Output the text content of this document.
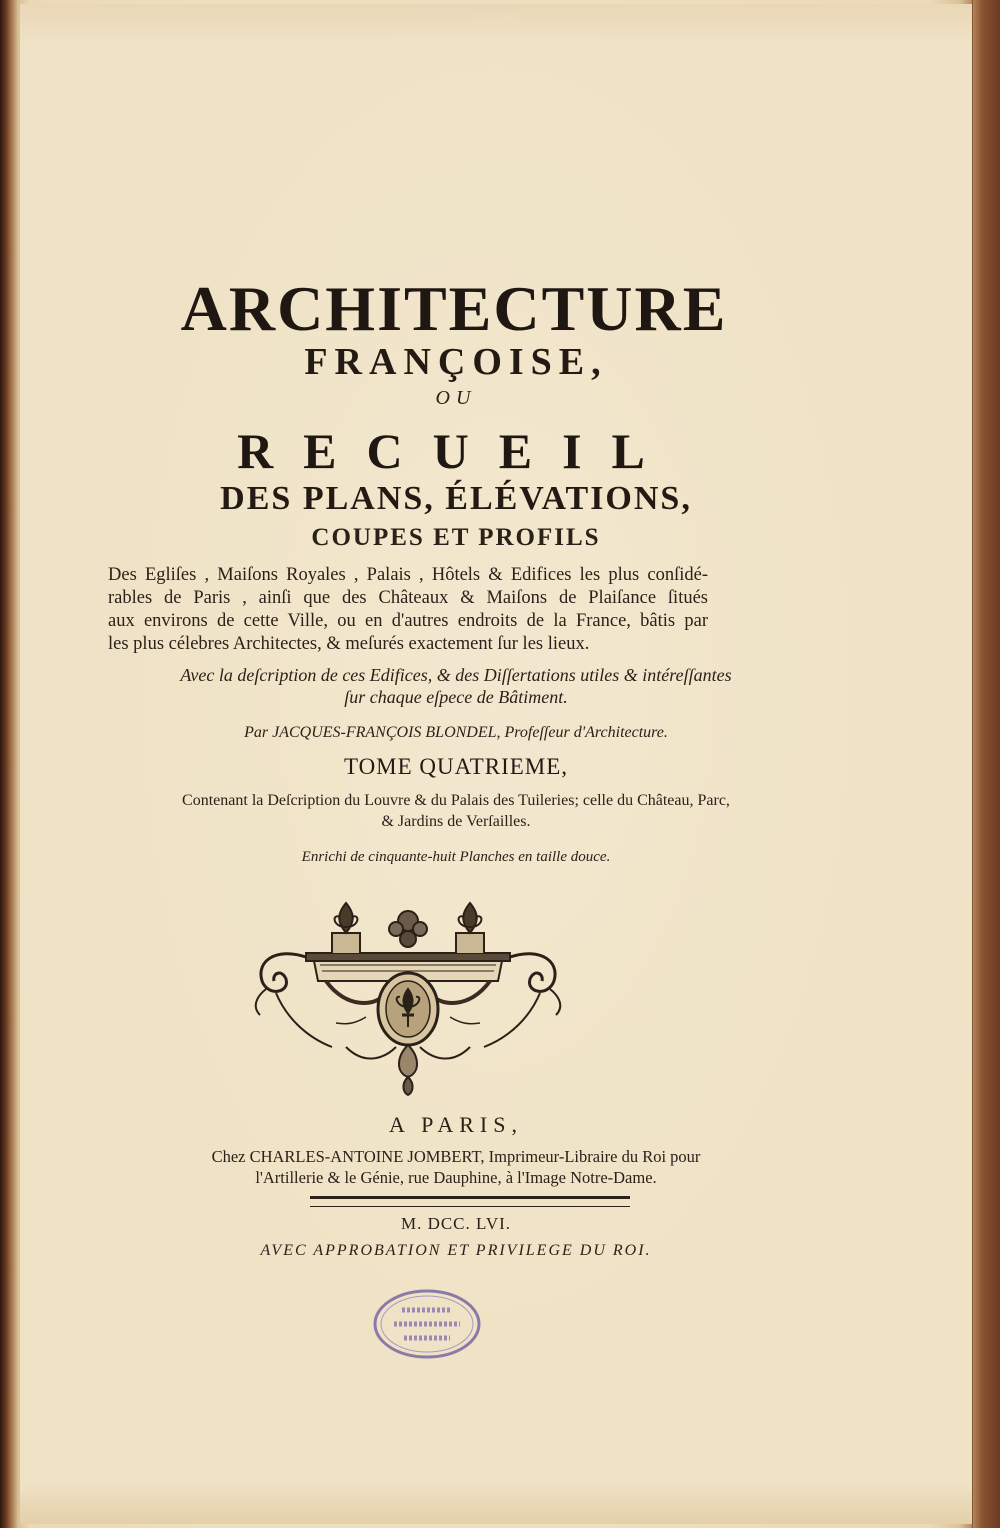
ARCHITECTURE
FRANÇOISE,
OU
RECUEIL
DES PLANS, ÉLÉVATIONS,
COUPES ET PROFILS
Des Egliſes , Maiſons Royales , Palais , Hôtels & Edifices les plus conſidé-
rables de Paris , ainſi que des Châteaux & Maiſons de Plaiſance ſitués
aux environs de cette Ville, ou en d'autres endroits de la France, bâtis par
les plus célebres Architectes, & meſurés exactement ſur les lieux.
Avec la deſcription de ces Edifices, & des Diſſertations utiles & intéreſſantes
ſur chaque eſpece de Bâtiment.
Par JACQUES-FRANÇOIS BLONDEL, Profeſſeur d'Architecture.
TOME QUATRIEME,
Contenant la Deſcription du Louvre & du Palais des Tuileries; celle du Château, Parc,
& Jardins de Verſailles.
Enrichi de cinquante-huit Planches en taille douce.
A PARIS,
Chez CHARLES-ANTOINE JOMBERT, Imprimeur-Libraire du Roi pour
l'Artillerie & le Génie, rue Dauphine, à l'Image Notre-Dame.
M. DCC. LVI.
AVEC APPROBATION ET PRIVILEGE DU ROI.
